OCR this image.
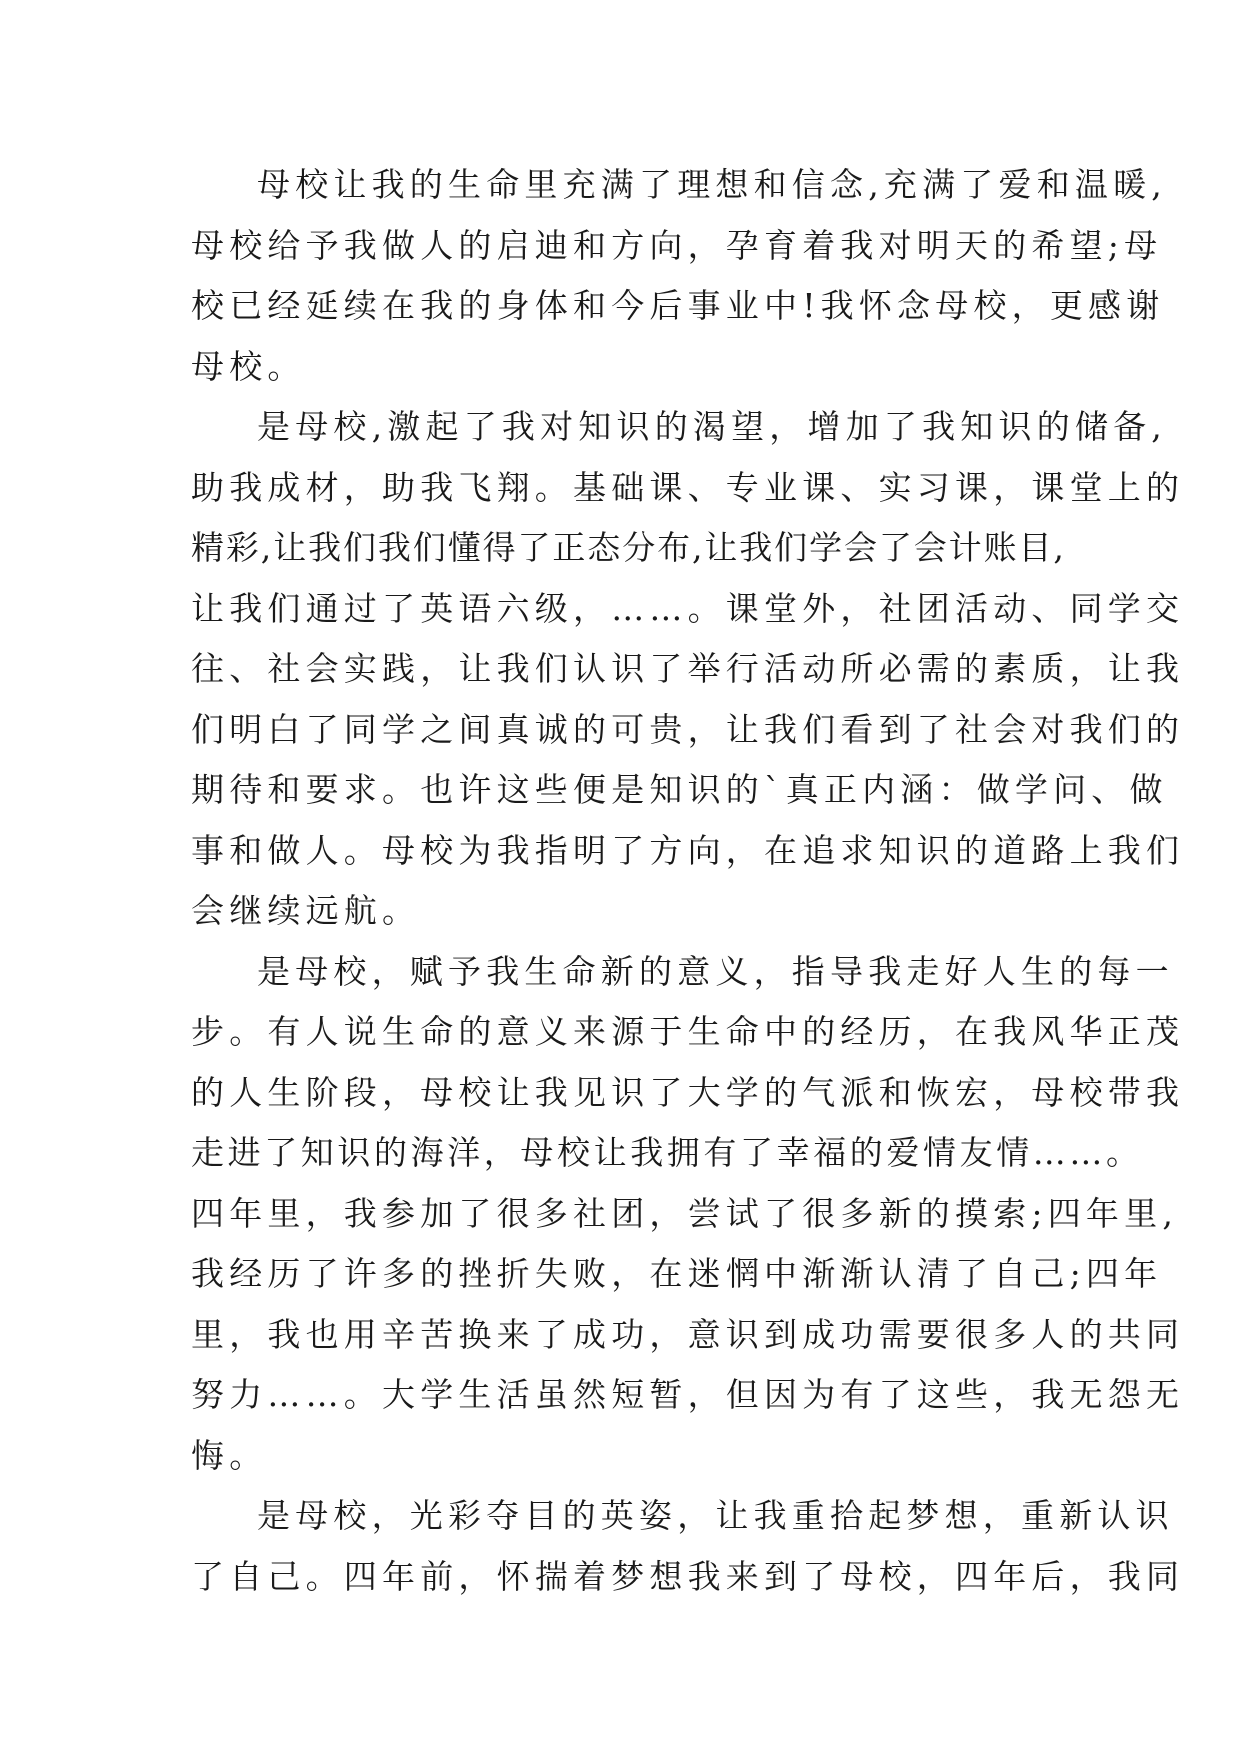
母校让我的生命里充满了理想和信念,充满了爱和温暖,
母校给予我做人的启迪和方向，孕育着我对明天的希望;母
校已经延续在我的身体和今后事业中!我怀念母校，更感谢
母校。
是母校,激起了我对知识的渴望，增加了我知识的储备,
助我成材，助我飞翔。基础课、专业课、实习课，课堂上的
精彩,让我们我们懂得了正态分布,让我们学会了会计账目,
让我们通过了英语六级，……。课堂外，社团活动、同学交
往、社会实践，让我们认识了举行活动所必需的素质，让我
们明白了同学之间真诚的可贵，让我们看到了社会对我们的
期待和要求。也许这些便是知识的`真正内涵：做学问、做
事和做人。母校为我指明了方向，在追求知识的道路上我们
会继续远航。
是母校，赋予我生命新的意义，指导我走好人生的每一
步。有人说生命的意义来源于生命中的经历，在我风华正茂
的人生阶段，母校让我见识了大学的气派和恢宏，母校带我
走进了知识的海洋，母校让我拥有了幸福的爱情友情……。
四年里，我参加了很多社团，尝试了很多新的摸索;四年里,
我经历了许多的挫折失败，在迷惘中渐渐认清了自己;四年
里，我也用辛苦换来了成功，意识到成功需要很多人的共同
努力……。大学生活虽然短暂，但因为有了这些，我无怨无
悔。
是母校，光彩夺目的英姿，让我重拾起梦想，重新认识
了自己。四年前，怀揣着梦想我来到了母校，四年后，我同
